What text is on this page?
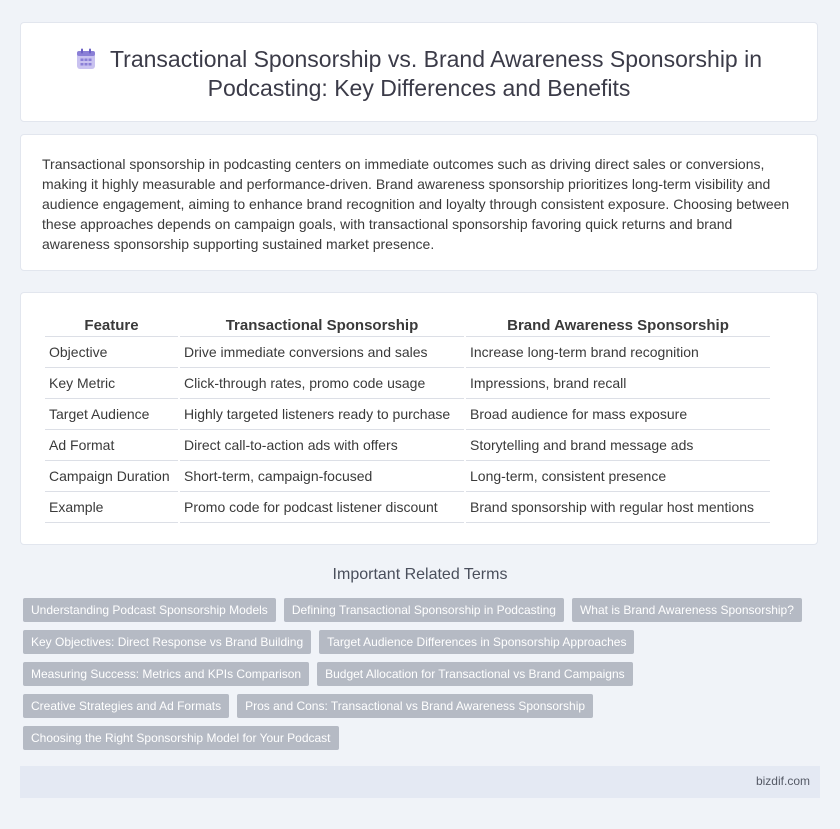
Transactional Sponsorship vs. Brand Awareness Sponsorship in
Podcasting: Key Differences and Benefits
Transactional sponsorship in podcasting centers on immediate outcomes such as driving direct sales or conversions, making it highly measurable and performance-driven. Brand awareness sponsorship prioritizes long-term visibility and audience engagement, aiming to enhance brand recognition and loyalty through consistent exposure. Choosing between these approaches depends on campaign goals, with transactional sponsorship favoring quick returns and brand awareness sponsorship supporting sustained market presence.
Feature	Transactional Sponsorship	Brand Awareness Sponsorship
Objective	Drive immediate conversions and sales	Increase long-term brand recognition
Key Metric	Click-through rates, promo code usage	Impressions, brand recall
Target Audience	Highly targeted listeners ready to purchase	Broad audience for mass exposure
Ad Format	Direct call-to-action ads with offers	Storytelling and brand message ads
Campaign Duration	Short-term, campaign-focused	Long-term, consistent presence
Example	Promo code for podcast listener discount	Brand sponsorship with regular host mentions
Important Related Terms
Understanding Podcast Sponsorship Models	Defining Transactional Sponsorship in Podcasting	What is Brand Awareness Sponsorship?
Key Objectives: Direct Response vs Brand Building	Target Audience Differences in Sponsorship Approaches
Measuring Success: Metrics and KPIs Comparison	Budget Allocation for Transactional vs Brand Campaigns
Creative Strategies and Ad Formats	Pros and Cons: Transactional vs Brand Awareness Sponsorship
Choosing the Right Sponsorship Model for Your Podcast
bizdif.com
